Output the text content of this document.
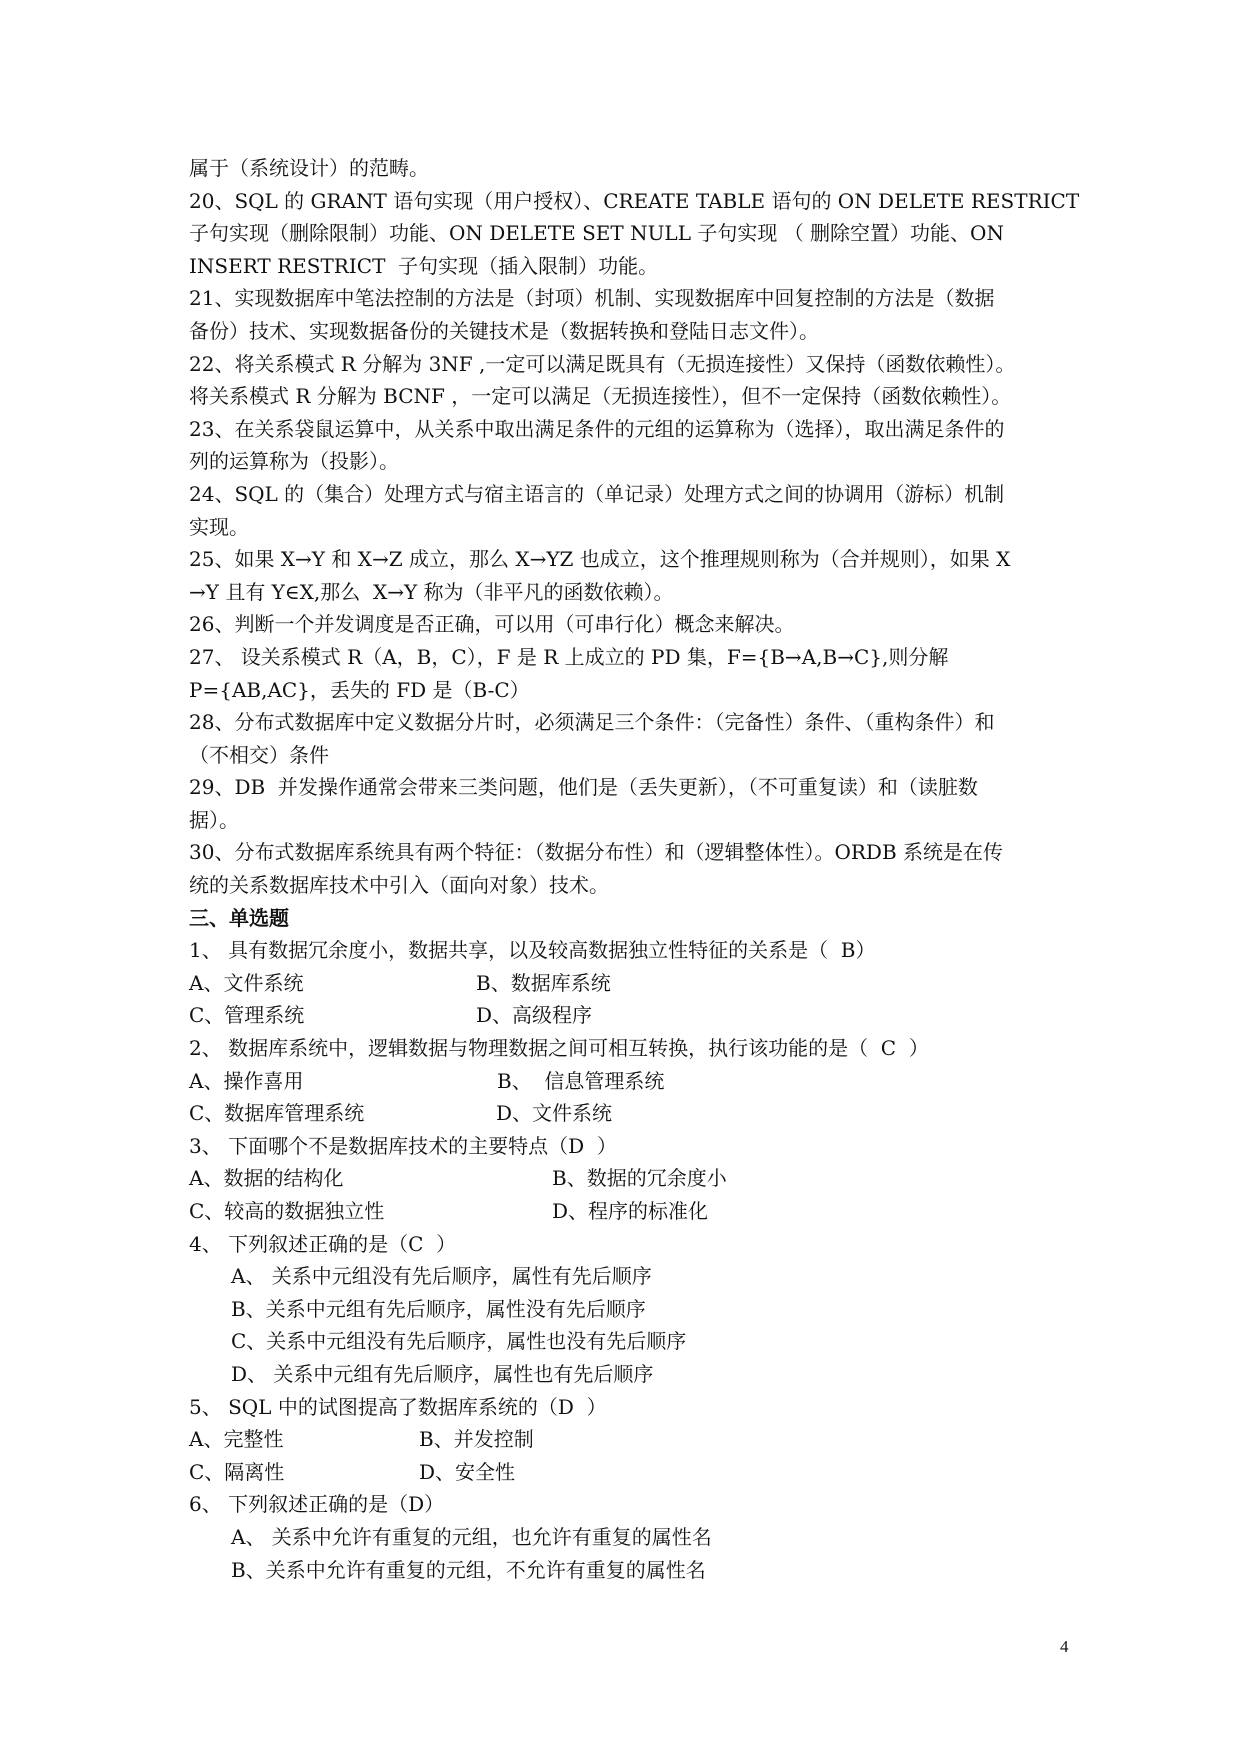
属于（系统设计）的范畴。
20、SQL 的 GRANT 语句实现（用户授权）、CREATE TABLE 语句的 ON DELETE RESTRICT
子句实现（删除限制）功能、ON DELETE SET NULL 子句实现 （ 删除空置）功能、ON
INSERT RESTRICT  子句实现（插入限制）功能。
21、实现数据库中笔法控制的方法是（封项）机制、实现数据库中回复控制的方法是（数据
备份）技术、实现数据备份的关键技术是（数据转换和登陆日志文件）。
22、将关系模式 R 分解为 3NF ,一定可以满足既具有（无损连接性）又保持（函数依赖性）。
将关系模式 R 分解为 BCNF ，一定可以满足（无损连接性），但不一定保持（函数依赖性）。
23、在关系袋鼠运算中，从关系中取出满足条件的元组的运算称为（选择），取出满足条件的
列的运算称为（投影）。
24、SQL 的（集合）处理方式与宿主语言的（单记录）处理方式之间的协调用（游标）机制
实现。
25、如果 X→Y 和 X→Z 成立，那么 X→YZ 也成立，这个推理规则称为（合并规则），如果 X
→Y 且有 Y∈X,那么  X→Y 称为（非平凡的函数依赖）。
26、判断一个并发调度是否正确，可以用（可串行化）概念来解决。
27、 设关系模式 R（A，B，C），F 是 R 上成立的 PD 集，F={B→A,B→C},则分解
P={AB,AC}，丢失的 FD 是（B-C）
28、分布式数据库中定义数据分片时，必须满足三个条件：（完备性）条件、（重构条件）和
（不相交）条件
29、DB  并发操作通常会带来三类问题，他们是（丢失更新），（不可重复读）和（读脏数
据）。
30、分布式数据库系统具有两个特征：（数据分布性）和（逻辑整体性）。ORDB 系统是在传
统的关系数据库技术中引入（面向对象）技术。
三、单选题
1、 具有数据冗余度小，数据共享，以及较高数据独立性特征的关系是（  B）
A、文件系统	B、数据库系统
C、管理系统	D、高级程序
2、 数据库系统中，逻辑数据与物理数据之间可相互转换，执行该功能的是（  C  ）
A、操作喜用	B、  信息管理系统
C、数据库管理系统	D、文件系统
3、 下面哪个不是数据库技术的主要特点（D  ）
A、数据的结构化	B、数据的冗余度小
C、较高的数据独立性	D、程序的标准化
4、 下列叙述正确的是（C  ）
A、 关系中元组没有先后顺序，属性有先后顺序
B、关系中元组有先后顺序，属性没有先后顺序
C、关系中元组没有先后顺序，属性也没有先后顺序
D、 关系中元组有先后顺序，属性也有先后顺序
5、 SQL 中的试图提高了数据库系统的（D  ）
A、完整性	B、并发控制
C、隔离性	D、安全性
6、 下列叙述正确的是（D）
A、 关系中允许有重复的元组，也允许有重复的属性名
B、关系中允许有重复的元组，不允许有重复的属性名
4
